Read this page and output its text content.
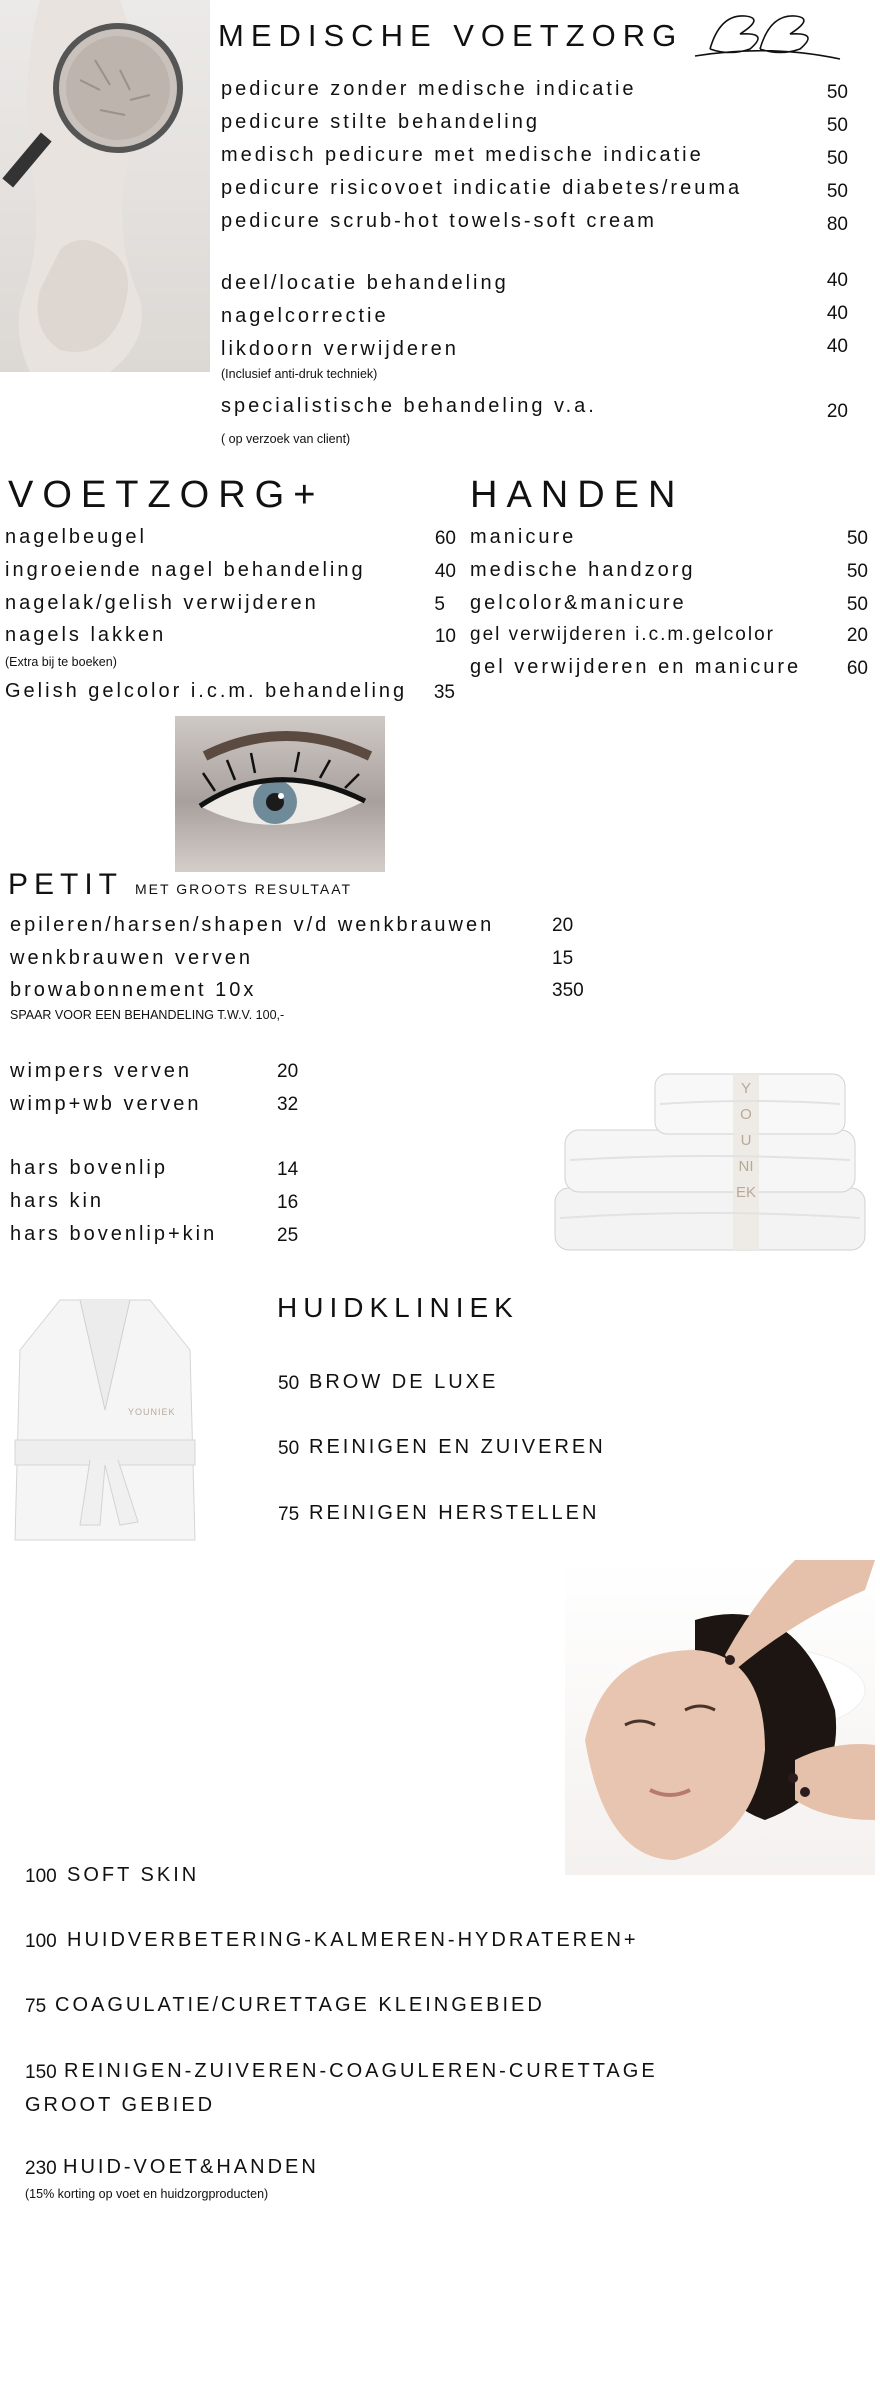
MEDISCHE VOETZORG
pedicure zonder medische indicatie	50
pedicure stilte behandeling	50
medisch pedicure met medische indicatie	50
pedicure risicovoet indicatie diabetes/reuma	50
pedicure scrub-hot towels-soft cream	80
deel/locatie behandeling	40
nagelcorrectie	40
likdoorn verwijderen	40
(Inclusief anti-druk techniek)
specialistische behandeling v.a.	20
( op verzoek van client)
VOETZORG+
nagelbeugel	60
ingroeiende nagel behandeling	40
nagelak/gelish verwijderen	5
nagels lakken	10
(Extra bij te boeken)
Gelish gelcolor i.c.m. behandeling	35
HANDEN
manicure	50
medische handzorg	50
gelcolor&manicure	50
gel verwijderen i.c.m.gelcolor	20
gel verwijderen en manicure	60
PETIT MET GROOTS RESULTAAT
epileren/harsen/shapen v/d wenkbrauwen	20
wenkbrauwen verven	15
browabonnement 10x	350
SPAAR VOOR EEN BEHANDELING T.W.V. 100,-
wimpers verven	20
wimp+wb verven	32
hars bovenlip	14
hars kin	16
hars bovenlip+kin	25
YOUNIEK
YOUNIEK
HUIDKLINIEK
50 BROW DE LUXE
50 REINIGEN EN ZUIVEREN
75 REINIGEN HERSTELLEN
100 SOFT SKIN
100 HUIDVERBETERING-KALMEREN-HYDRATEREN+
75 COAGULATIE/CURETTAGE KLEINGEBIED
150 REINIGEN-ZUIVEREN-COAGULEREN-CURETTAGE
GROOT GEBIED
230 HUID-VOET&HANDEN
(15% korting op voet en huidzorgproducten)
